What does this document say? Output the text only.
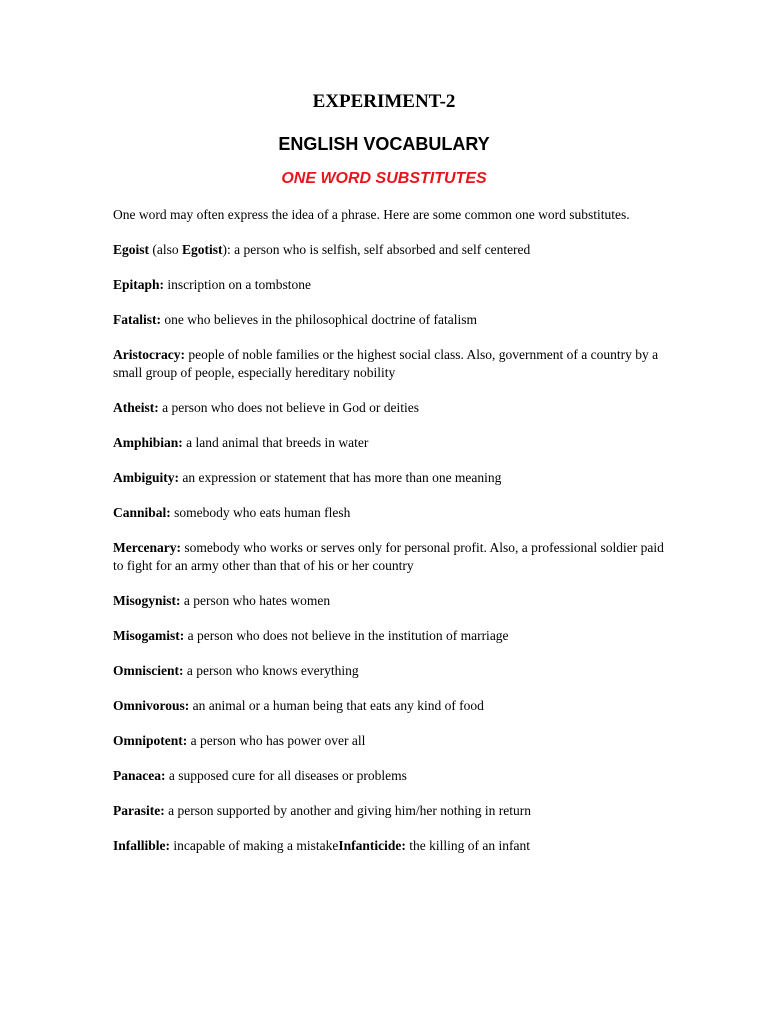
EXPERIMENT-2
ENGLISH VOCABULARY
ONE WORD SUBSTITUTES

One word may often express the idea of a phrase. Here are some common one word substitutes.

Egoist (also Egotist): a person who is selfish, self absorbed and self centered

Epitaph: inscription on a tombstone

Fatalist: one who believes in the philosophical doctrine of fatalism

Aristocracy: people of noble families or the highest social class. Also, government of a country by a small group of people, especially hereditary nobility

Atheist: a person who does not believe in God or deities

Amphibian: a land animal that breeds in water

Ambiguity: an expression or statement that has more than one meaning

Cannibal: somebody who eats human flesh

Mercenary: somebody who works or serves only for personal profit. Also, a professional soldier paid to fight for an army other than that of his or her country

Misogynist: a person who hates women

Misogamist: a person who does not believe in the institution of marriage

Omniscient: a person who knows everything

Omnivorous: an animal or a human being that eats any kind of food

Omnipotent: a person who has power over all

Panacea: a supposed cure for all diseases or problems

Parasite: a person supported by another and giving him/her nothing in return

Infallible: incapable of making a mistakeInfanticide: the killing of an infant
